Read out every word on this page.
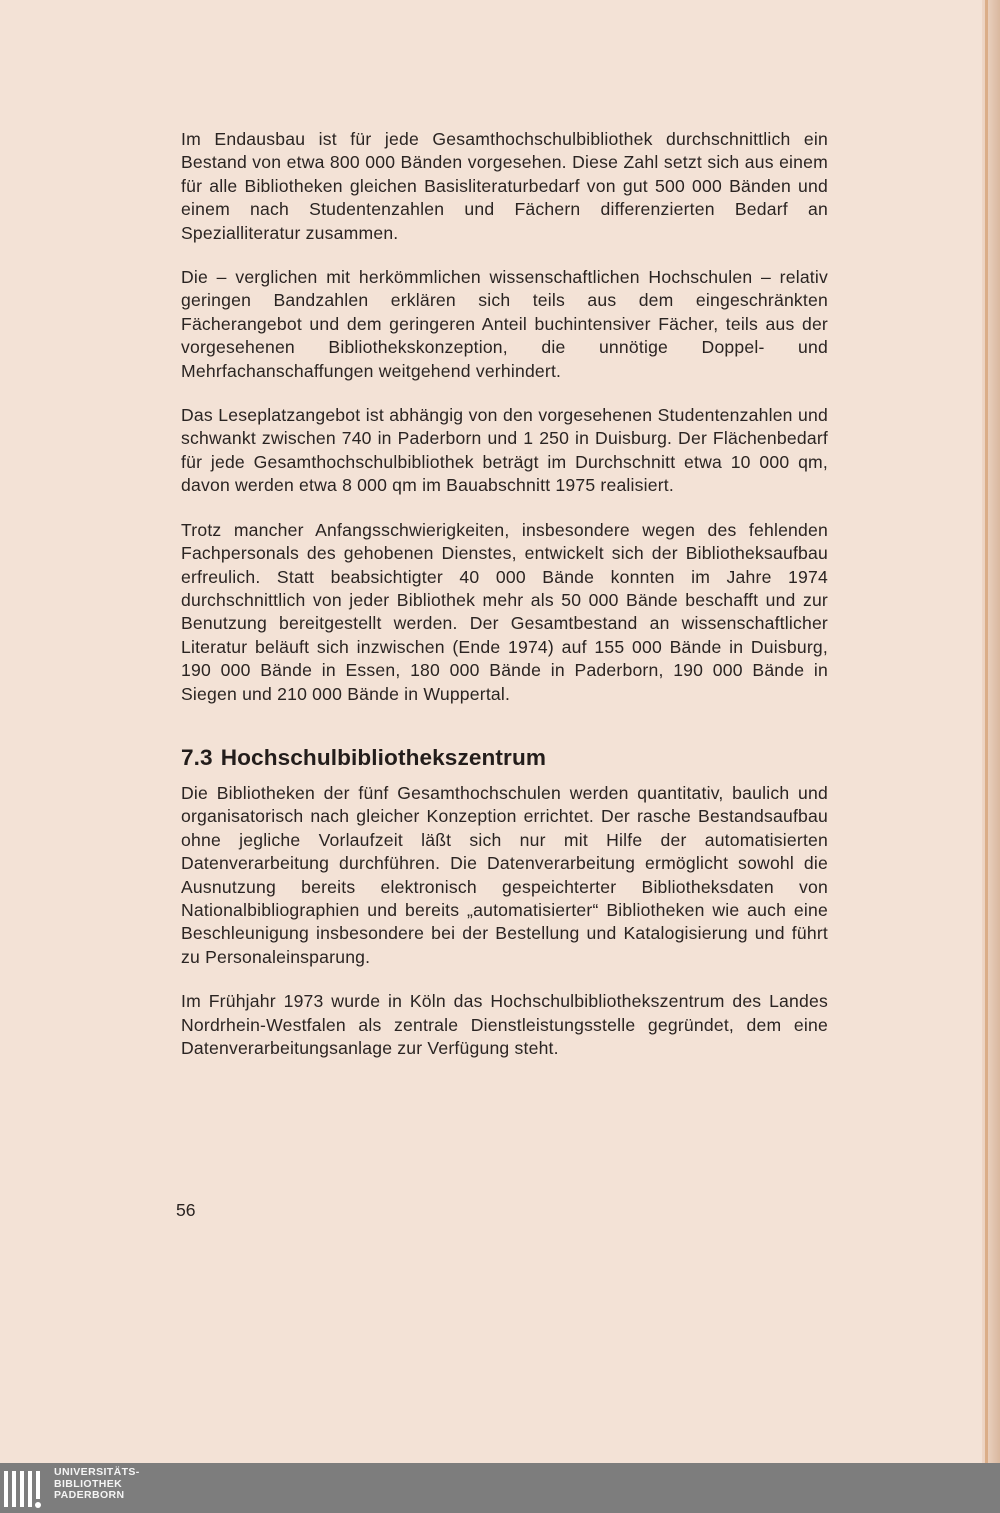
Im Endausbau ist für jede Gesamthochschulbibliothek durchschnittlich ein Bestand von etwa 800 000 Bänden vorgesehen. Diese Zahl setzt sich aus einem für alle Bibliotheken gleichen Basisliteraturbedarf von gut 500 000 Bänden und einem nach Studentenzahlen und Fächern differenzierten Bedarf an Spezialliteratur zusammen.

Die – verglichen mit herkömmlichen wissenschaftlichen Hochschulen – relativ geringen Bandzahlen erklären sich teils aus dem eingeschränkten Fächerangebot und dem geringeren Anteil buchintensiver Fächer, teils aus der vorgesehenen Bibliothekskonzeption, die unnötige Doppel- und Mehrfachanschaffungen weitgehend verhindert.

Das Leseplatzangebot ist abhängig von den vorgesehenen Studentenzahlen und schwankt zwischen 740 in Paderborn und 1 250 in Duisburg. Der Flächenbedarf für jede Gesamthochschulbibliothek beträgt im Durchschnitt etwa 10 000 qm, davon werden etwa 8 000 qm im Bauabschnitt 1975 realisiert.

Trotz mancher Anfangsschwierigkeiten, insbesondere wegen des fehlenden Fachpersonals des gehobenen Dienstes, entwickelt sich der Bibliotheksaufbau erfreulich. Statt beabsichtigter 40 000 Bände konnten im Jahre 1974 durchschnittlich von jeder Bibliothek mehr als 50 000 Bände beschafft und zur Benutzung bereitgestellt werden. Der Gesamtbestand an wissenschaftlicher Literatur beläuft sich inzwischen (Ende 1974) auf 155 000 Bände in Duisburg, 190 000 Bände in Essen, 180 000 Bände in Paderborn, 190 000 Bände in Siegen und 210 000 Bände in Wuppertal.

7.3 Hochschulbibliothekszentrum

Die Bibliotheken der fünf Gesamthochschulen werden quantitativ, baulich und organisatorisch nach gleicher Konzeption errichtet. Der rasche Bestandsaufbau ohne jegliche Vorlaufzeit läßt sich nur mit Hilfe der automatisierten Datenverarbeitung durchführen. Die Datenverarbeitung ermöglicht sowohl die Ausnutzung bereits elektronisch gespeichterter Bibliotheksdaten von Nationalbibliographien und bereits „automatisierter“ Bibliotheken wie auch eine Beschleunigung insbesondere bei der Bestellung und Katalogisierung und führt zu Personaleinsparung.

Im Frühjahr 1973 wurde in Köln das Hochschulbibliothekszentrum des Landes Nordrhein-Westfalen als zentrale Dienstleistungsstelle gegründet, dem eine Datenverarbeitungsanlage zur Verfügung steht.

56
UNIVERSITÄTS-
BIBLIOTHEK
PADERBORN
